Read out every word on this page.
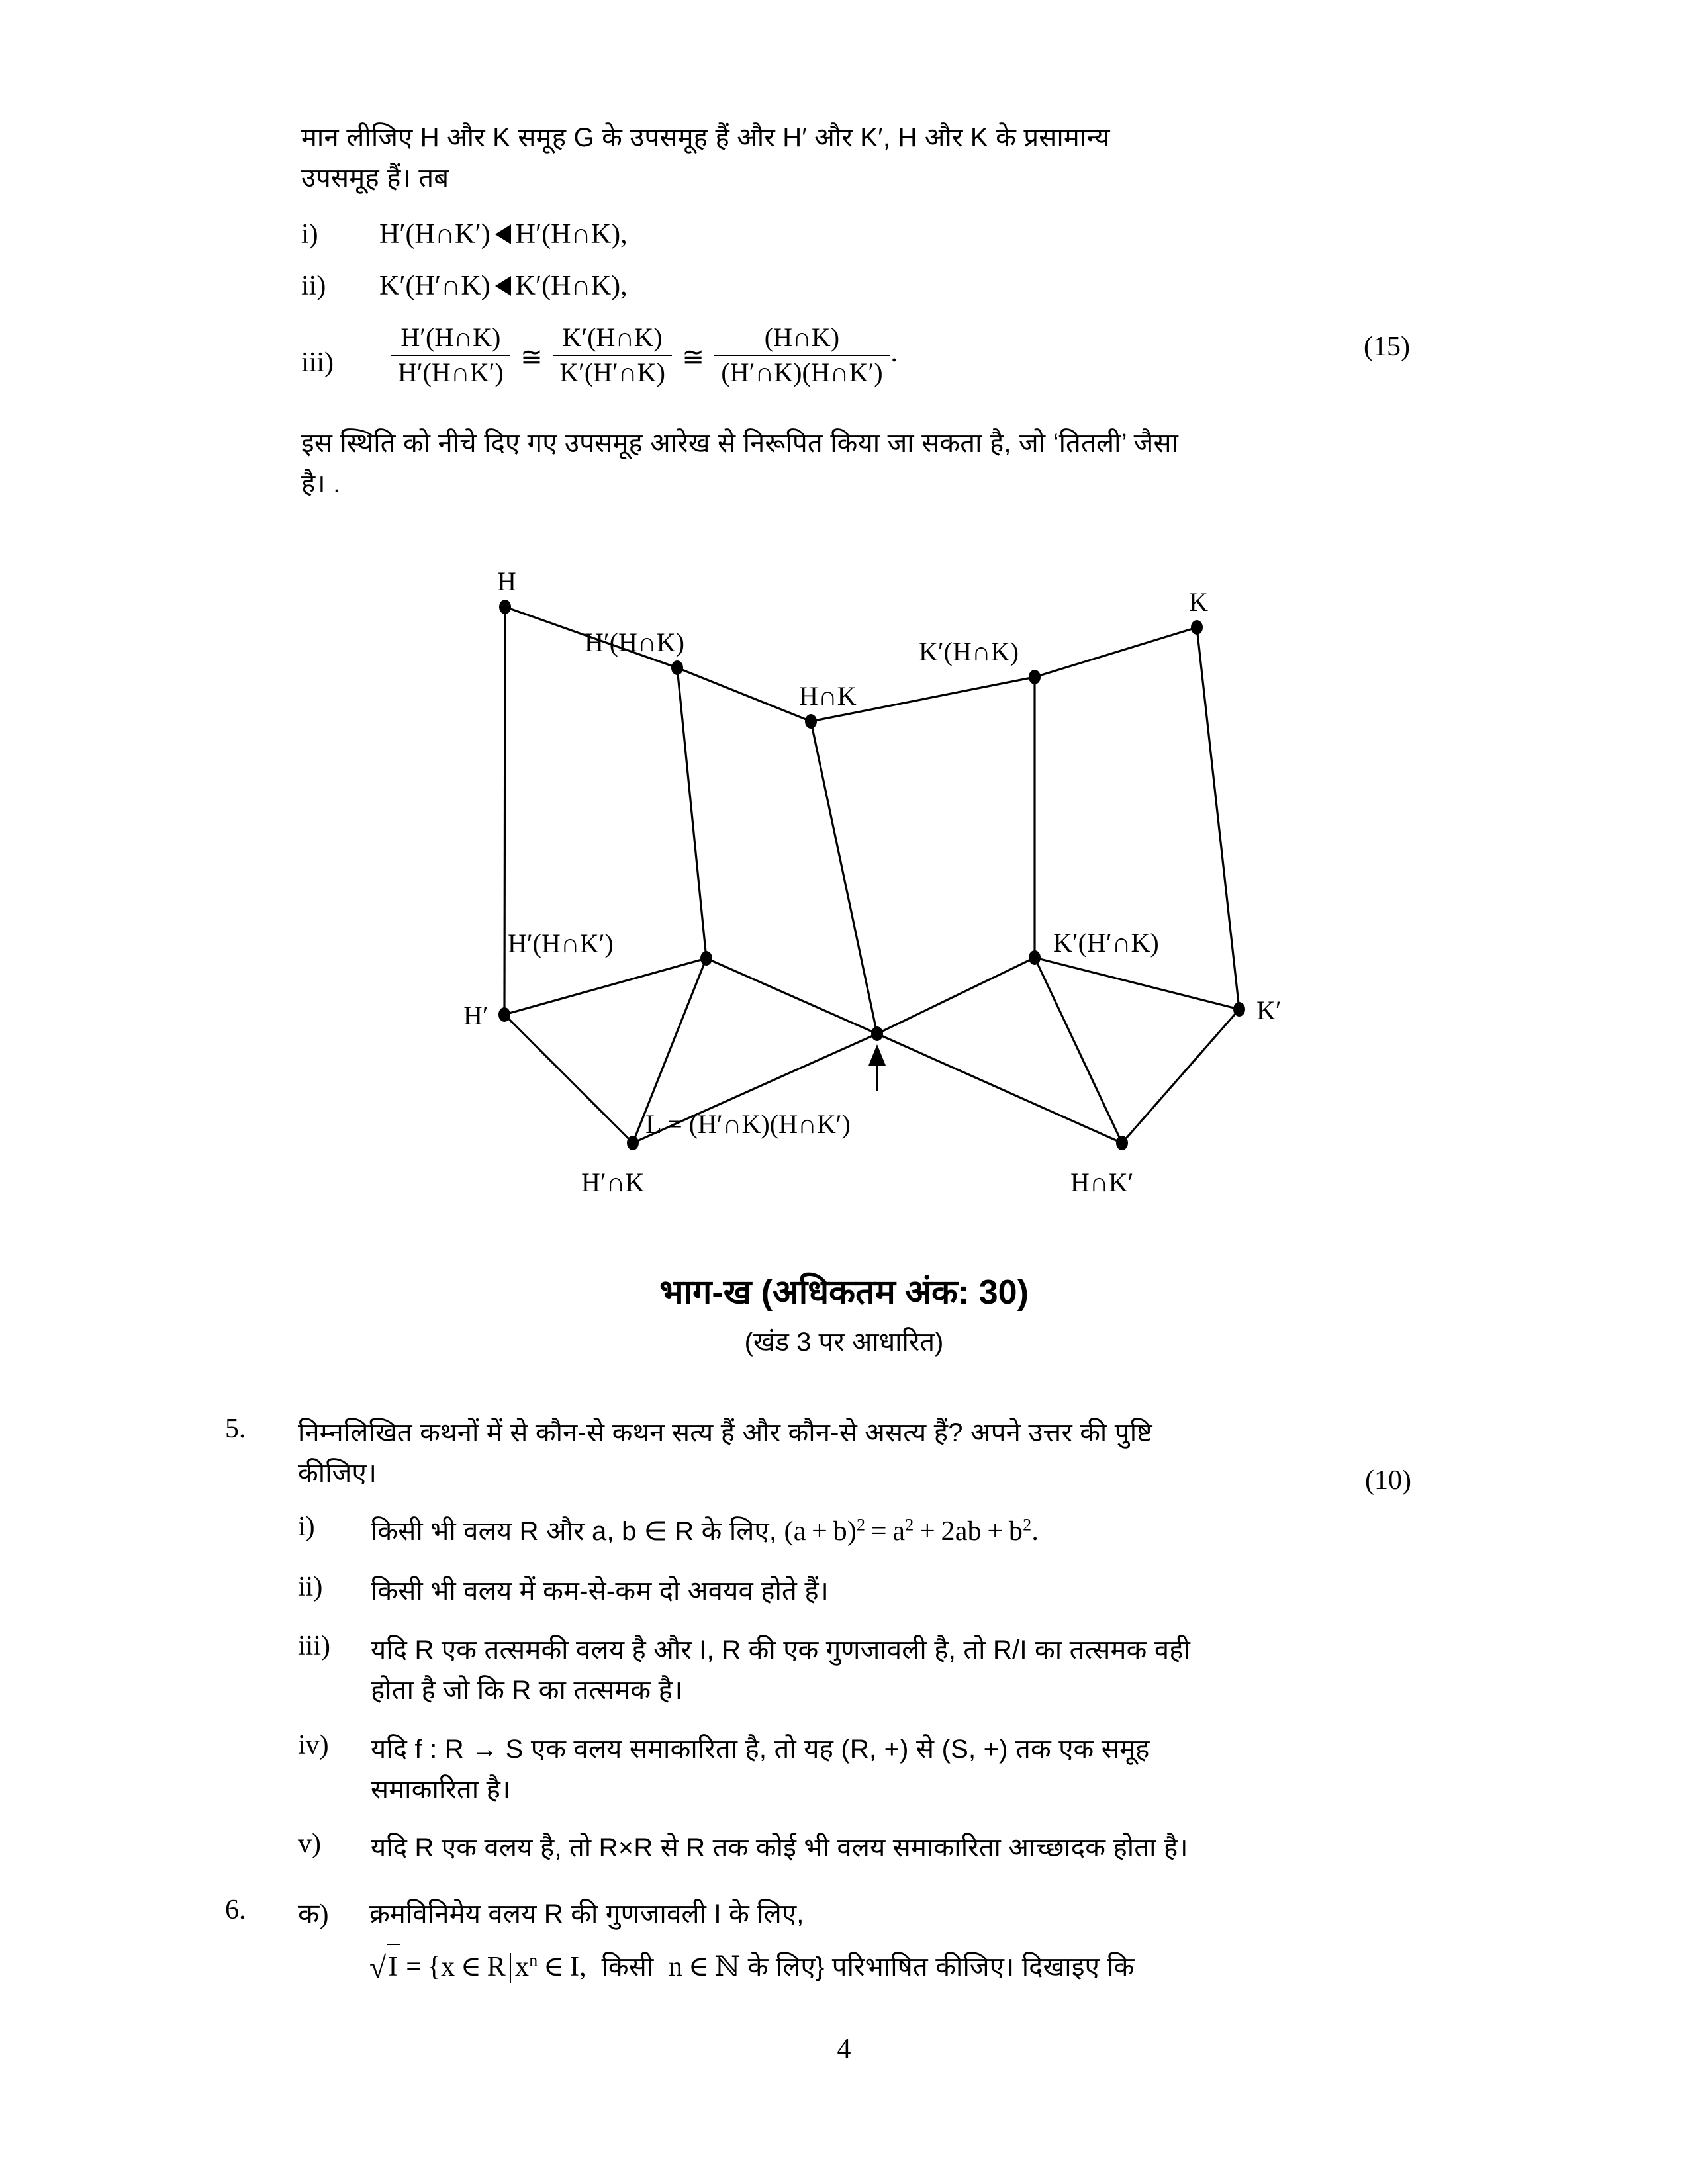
मान लीजिए H और K समूह G के उपसमूह हैं और H′ और K′, H और K के प्रसामान्य
उपसमूह हैं। तब
i)	H′(H∩K′) H′(H∩K),
ii)	K′(H′∩K) K′(H∩K),
iii)	$\frac{H'(H\cap K)}{H'(H\cap K')}$ ≅ $\frac{K'(H\cap K)}{K'(H'\cap K)}$ ≅ $\frac{(H\cap K)}{(H'\cap K)(H\cap K')}$ .	(15)
इस स्थिति को नीचे दिए गए उपसमूह आरेख से निरूपित किया जा सकता है, जो ‘तितली’ जैसा
है। .
H
H′(H∩K)
H∩K
K′(H∩K)
K
H′(H∩K′)
H′
K′(H′∩K)
K′
H′∩K	H∩K′
L = (H′∩K)(H∩K′)
भाग-ख (अधिकतम अंक: 30)
(खंड 3 पर आधारित)
5.	निम्नलिखित कथनों में से कौन-से कथन सत्य हैं और कौन-से असत्य हैं? अपने उत्तर की पुष्टि
कीजिए।
i)	किसी भी वलय R और a, b ∈ R के लिए, $(a + b)^2 = a^2 + 2ab + b^2$.
ii)	किसी भी वलय में कम-से-कम दो अवयव होते हैं।
iii)	यदि R एक तत्समकी वलय है और I, R की एक गुणजावली है, तो R/I का तत्समक वही
होता है जो कि R का तत्समक है।
iv)	यदि f : R → S एक वलय समाकारिता है, तो यह (R, +) से (S, +) तक एक समूह
समाकारिता है।
v)	यदि R एक वलय है, तो R×R से R तक कोई भी वलय समाकारिता आच्छादक होता है।
(10)
6.	क)	क्रमविनिमेय वलय R की गुणजावली I के लिए,
√I = {x ∈ R $x^n$ ∈ I,  किसी  n ∈ ℕ के लिए} परिभाषित कीजिए। दिखाइए कि
4
